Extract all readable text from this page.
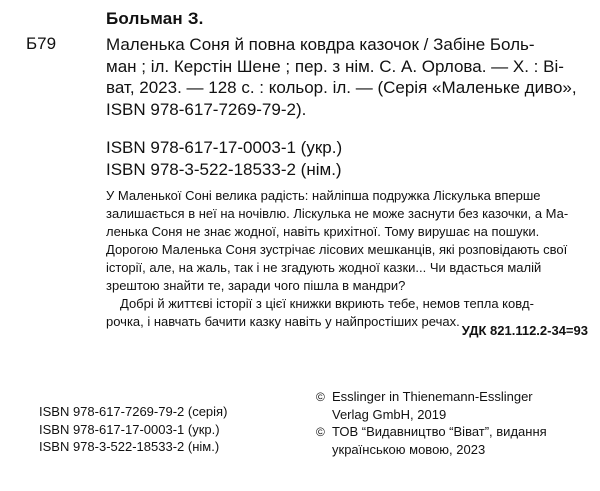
Больман З.
Б79	Маленька Соня й повна ковдра казочок / Забіне Боль-
ман ; іл. Керстін Шене ; пер. з нім. С. А. Орлова. — Х. : Ві-
ват, 2023. — 128 с. : кольор. іл. — (Серія «Маленьке диво»,
ISBN 978-617-7269-79-2).
ISBN 978-617-17-0003-1 (укр.)
ISBN 978-3-522-18533-2 (нім.)
У Маленької Соні велика радість: найліпша подружка Ліскулька вперше
залишається в неї на ночівлю. Ліскулька не може заснути без казочки, а Ма-
ленька Соня не знає жодної, навіть крихітної. Тому вирушає на пошуки.
Дорогою Маленька Соня зустрічає лісових мешканців, які розповідають свої
історії, але, на жаль, так і не згадують жодної казки... Чи вдасться малій
зрештою знайти те, заради чого пішла в мандри?
Добрі й життєві історії з цієї книжки вкриють тебе, немов тепла ковд-
рочка, і навчать бачити казку навіть у найпростіших речах.
УДК 821.112.2-34=93
ISBN 978-617-7269-79-2 (серія)
ISBN 978-617-17-0003-1 (укр.)
ISBN 978-3-522-18533-2 (нім.)
© Esslinger in Thienemann-Esslinger
Verlag GmbH, 2019
© ТОВ “Видавництво “Віват”, видання
українською мовою, 2023
